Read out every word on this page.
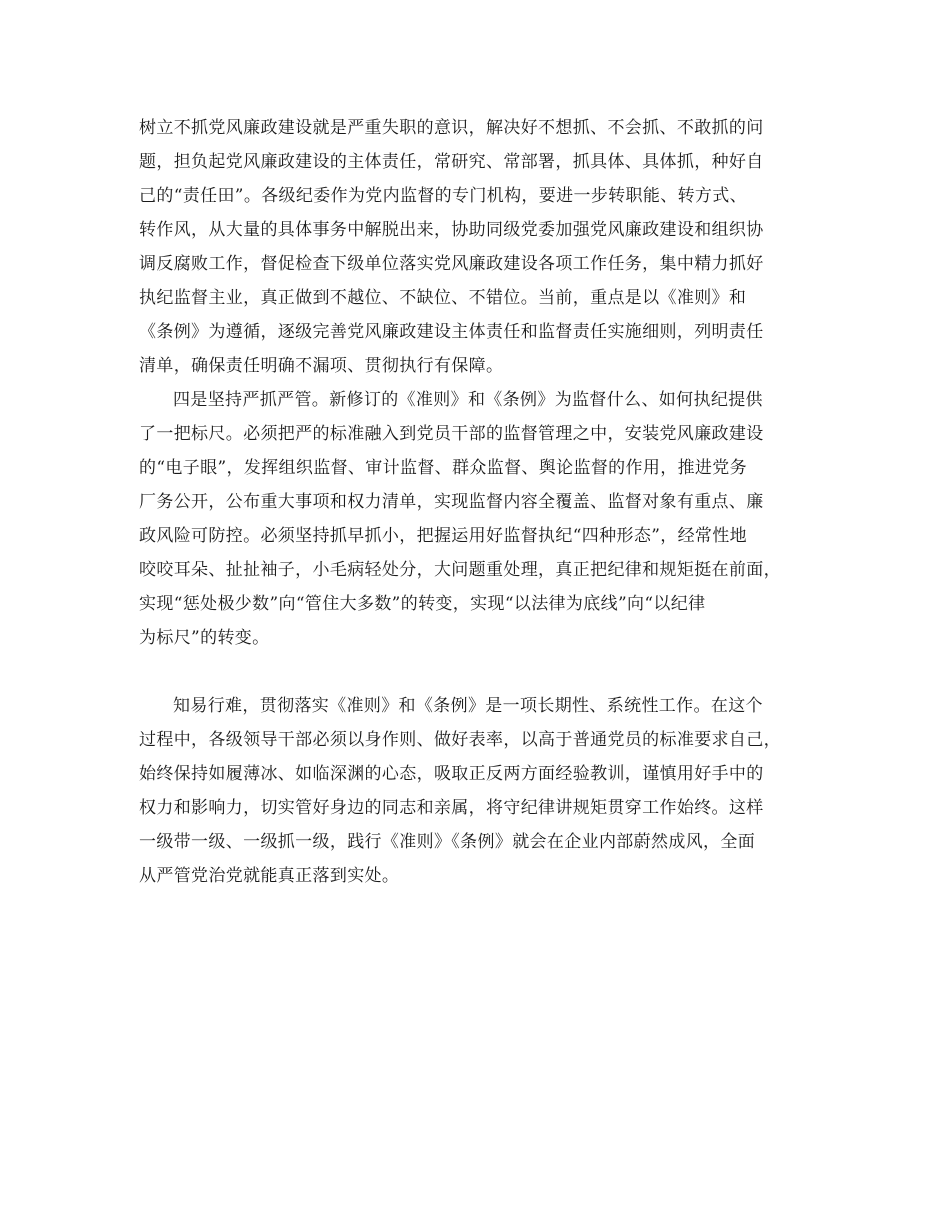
树立不抓党风廉政建设就是严重失职的意识，解决好不想抓、不会抓、不敢抓的问

题，担负起党风廉政建设的主体责任，常研究、常部署，抓具体、具体抓，种好自

己的“责任田”。各级纪委作为党内监督的专门机构，要进一步转职能、转方式、

转作风，从大量的具体事务中解脱出来，协助同级党委加强党风廉政建设和组织协

调反腐败工作，督促检查下级单位落实党风廉政建设各项工作任务，集中精力抓好

执纪监督主业，真正做到不越位、不缺位、不错位。当前，重点是以《准则》和

《条例》为遵循，逐级完善党风廉政建设主体责任和监督责任实施细则，列明责任

清单，确保责任明确不漏项、贯彻执行有保障。

四是坚持严抓严管。新修订的《准则》和《条例》为监督什么、如何执纪提供

了一把标尺。必须把严的标准融入到党员干部的监督管理之中，安装党风廉政建设

的“电子眼”，发挥组织监督、审计监督、群众监督、舆论监督的作用，推进党务

厂务公开，公布重大事项和权力清单，实现监督内容全覆盖、监督对象有重点、廉

政风险可防控。必须坚持抓早抓小，把握运用好监督执纪“四种形态”，经常性地

咬咬耳朵、扯扯袖子，小毛病轻处分，大问题重处理，真正把纪律和规矩挺在前面，

实现“惩处极少数”向“管住大多数”的转变，实现“以法律为底线”向“以纪律

为标尺”的转变。

知易行难，贯彻落实《准则》和《条例》是一项长期性、系统性工作。在这个

过程中，各级领导干部必须以身作则、做好表率，以高于普通党员的标准要求自己，

始终保持如履薄冰、如临深渊的心态，吸取正反两方面经验教训，谨慎用好手中的

权力和影响力，切实管好身边的同志和亲属，将守纪律讲规矩贯穿工作始终。这样

一级带一级、一级抓一级，践行《准则》《条例》就会在企业内部蔚然成风，全面

从严管党治党就能真正落到实处。
